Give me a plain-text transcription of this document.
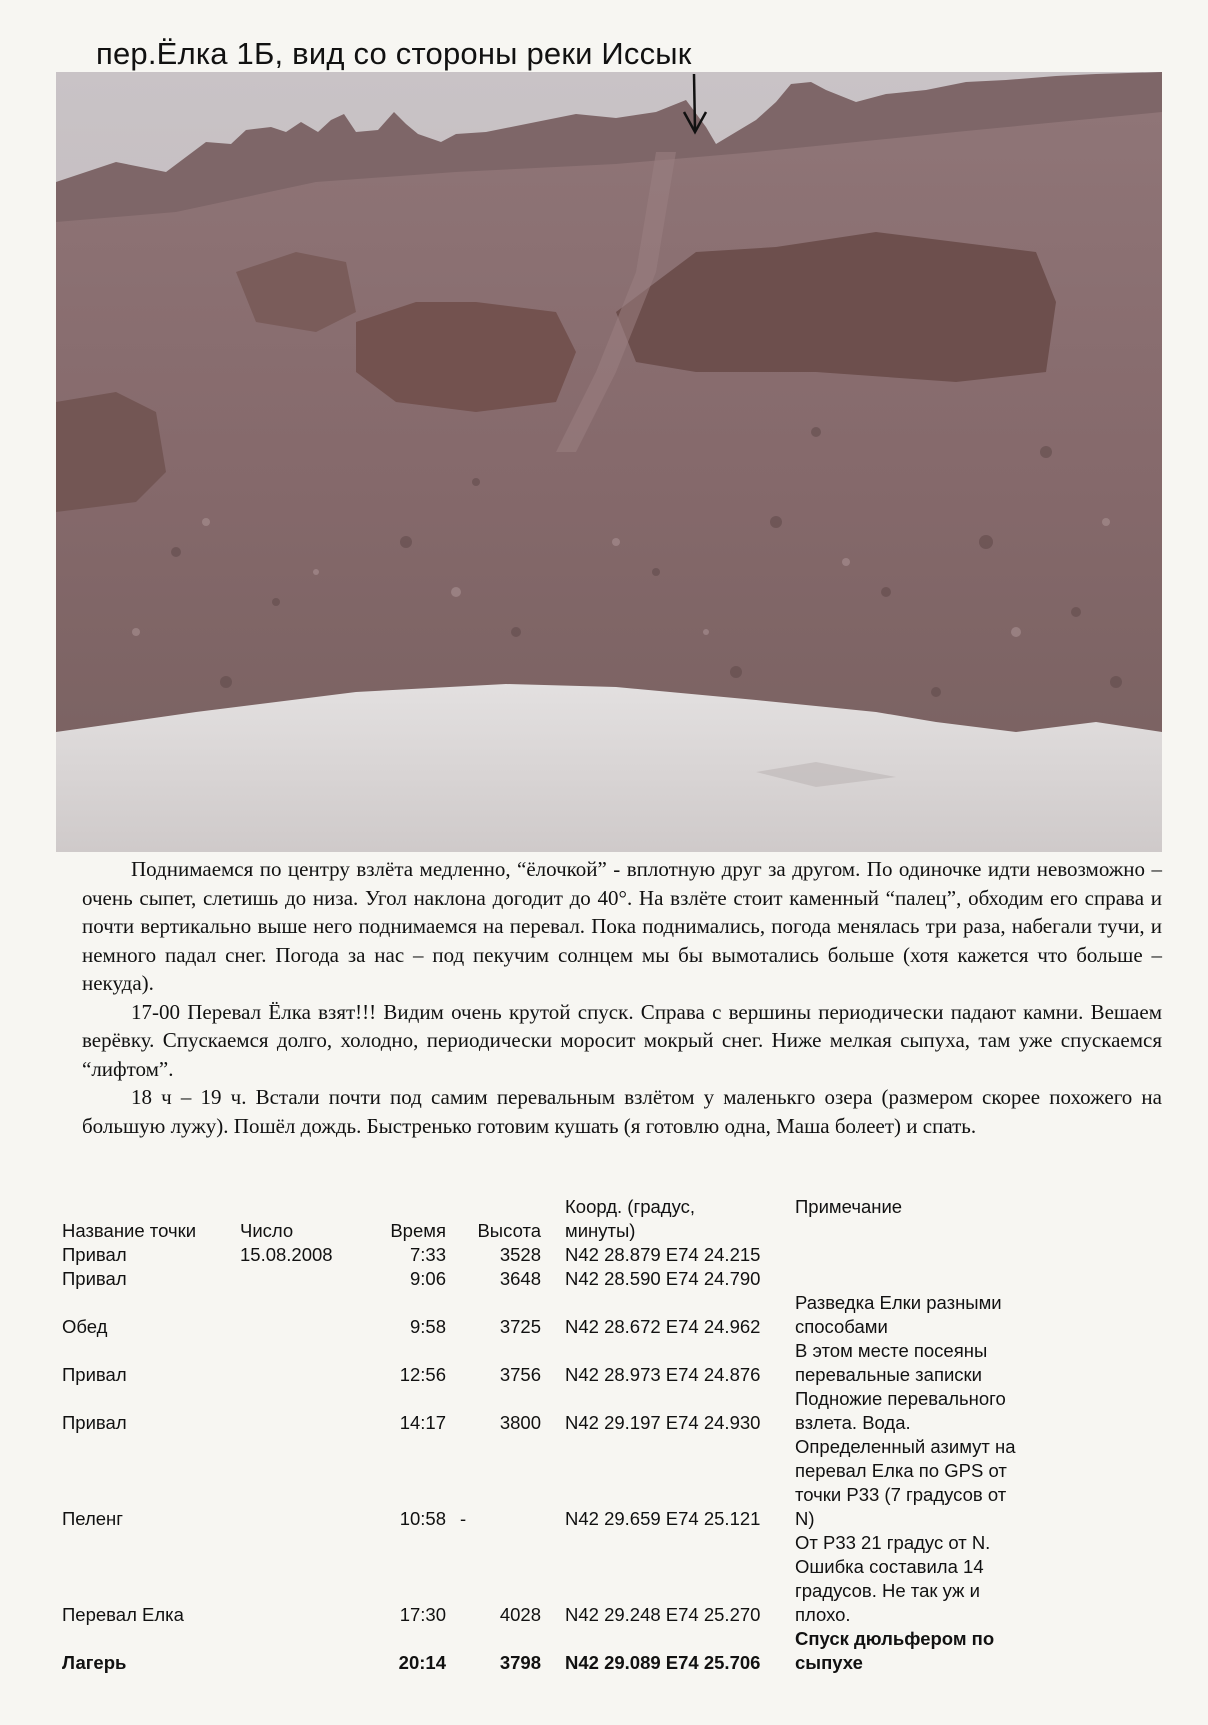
пер.Ёлка 1Б, вид со стороны реки Иссык

Поднимаемся по центру взлёта медленно, “ёлочкой” - вплотную друг за другом. По одиночке идти невозможно – очень сыпет, слетишь до низа. Угол наклона догодит до 40°. На взлёте стоит каменный “палец”, обходим его справа и почти вертикально выше него поднимаемся на перевал. Пока поднимались, погода менялась три раза, набегали тучи, и немного падал снег. Погода за нас – под пекучим солнцем мы бы вымотались больше (хотя кажется что больше – некуда).

17-00 Перевал Ёлка взят!!! Видим очень крутой спуск. Справа с вершины периодически падают камни. Вешаем верёвку. Спускаемся долго, холодно, периодически моросит мокрый снег. Ниже мелкая сыпуха, там уже спускаемся “лифтом”.

18 ч – 19 ч. Встали почти под самим перевальным взлётом у маленькго озера (размером скорее похожего на большую лужу). Пошёл дождь. Быстренько готовим кушать (я готовлю одна, Маша болеет) и спать.

Название точки	Число	Время	Высота	Коорд. (градус, минуты)	Примечание
Привал	15.08.2008	7:33	3528	N42 28.879 E74 24.215	
Привал		9:06	3648	N42 28.590 E74 24.790	
Обед		9:58	3725	N42 28.672 E74 24.962	Разведка Елки разными способами
Привал		12:56	3756	N42 28.973 E74 24.876	В этом месте посеяны перевальные записки
Привал		14:17	3800	N42 29.197 E74 24.930	Подножие перевального взлета. Вода.
Пеленг		10:58	-	N42 29.659 E74 25.121	Определенный азимут на перевал Елка по GPS от точки Р33 (7 градусов от N)
Перевал Елка		17:30	4028	N42 29.248 E74 25.270	От Р33 21 градус от N. Ошибка составила 14 градусов. Не так уж и плохо.
Лагерь		20:14	3798	N42 29.089 E74 25.706	Спуск дюльфером по сыпухе
